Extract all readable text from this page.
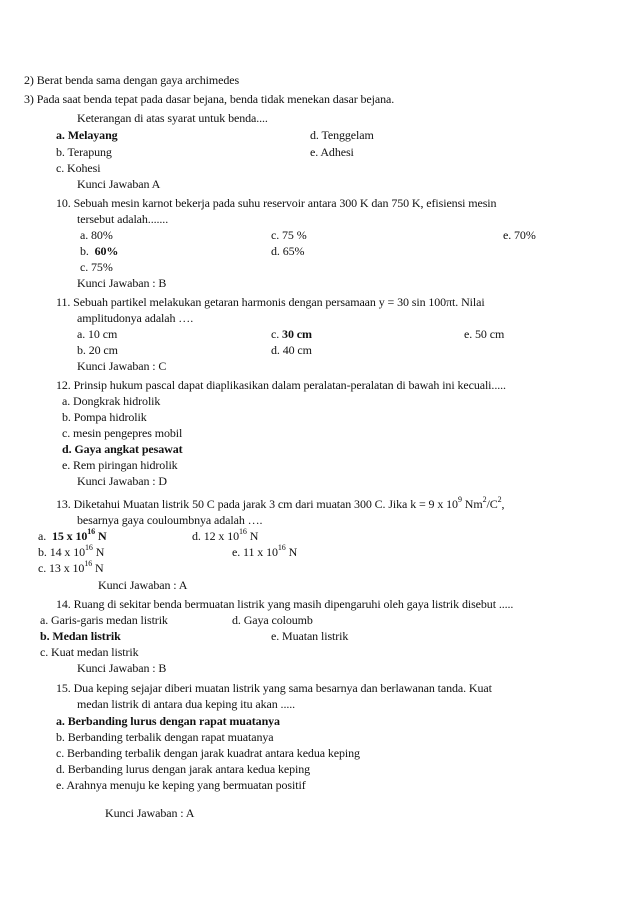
2) Berat benda sama dengan gaya archimedes
3) Pada saat benda tepat pada dasar bejana, benda tidak menekan dasar bejana.
Keterangan di atas syarat untuk benda....
a. Melayang	d. Tenggelam
b. Terapung	e. Adhesi
c. Kohesi
Kunci Jawaban A
10. Sebuah mesin karnot bekerja pada suhu reservoir antara 300 K dan 750 K, efisiensi mesin
tersebut adalah.......
a. 80%	c. 75 %	e. 70%
b. 60%	d. 65%
c. 75%
Kunci Jawaban : B
11. Sebuah partikel melakukan getaran harmonis dengan persamaan y = 30 sin 100πt. Nilai
amplitudonya adalah ….
a. 10 cm	c. 30 cm	e. 50 cm
b. 20 cm	d. 40 cm
Kunci Jawaban : C
12. Prinsip hukum pascal dapat diaplikasikan dalam peralatan-peralatan di bawah ini kecuali.....
a. Dongkrak hidrolik
b. Pompa hidrolik
c. mesin pengepres mobil
d. Gaya angkat pesawat
e. Rem piringan hidrolik
Kunci Jawaban : D
13. Diketahui Muatan listrik 50 C pada jarak 3 cm dari muatan 300 C. Jika k = 9 x $10^9$ $Nm^2/C^2$,
besarnya gaya couloumbnya adalah ….
a. 15 x $10^{16}$ N	d. 12 x $10^{16}$ N
b. 14 x $10^{16}$ N	e. 11 x $10^{16}$ N
c. 13 x $10^{16}$ N
Kunci Jawaban : A
14. Ruang di sekitar benda bermuatan listrik yang masih dipengaruhi oleh gaya listrik disebut .....
a. Garis-garis medan listrik	d. Gaya coloumb
b. Medan listrik	e. Muatan listrik
c. Kuat medan listrik
Kunci Jawaban : B
15. Dua keping sejajar diberi muatan listrik yang sama besarnya dan berlawanan tanda. Kuat
medan listrik di antara dua keping itu akan .....
a. Berbanding lurus dengan rapat muatanya
b. Berbanding terbalik dengan rapat muatanya
c. Berbanding terbalik dengan jarak kuadrat antara kedua keping
d. Berbanding lurus dengan jarak antara kedua keping
e. Arahnya menuju ke keping yang bermuatan positif
Kunci Jawaban : A
